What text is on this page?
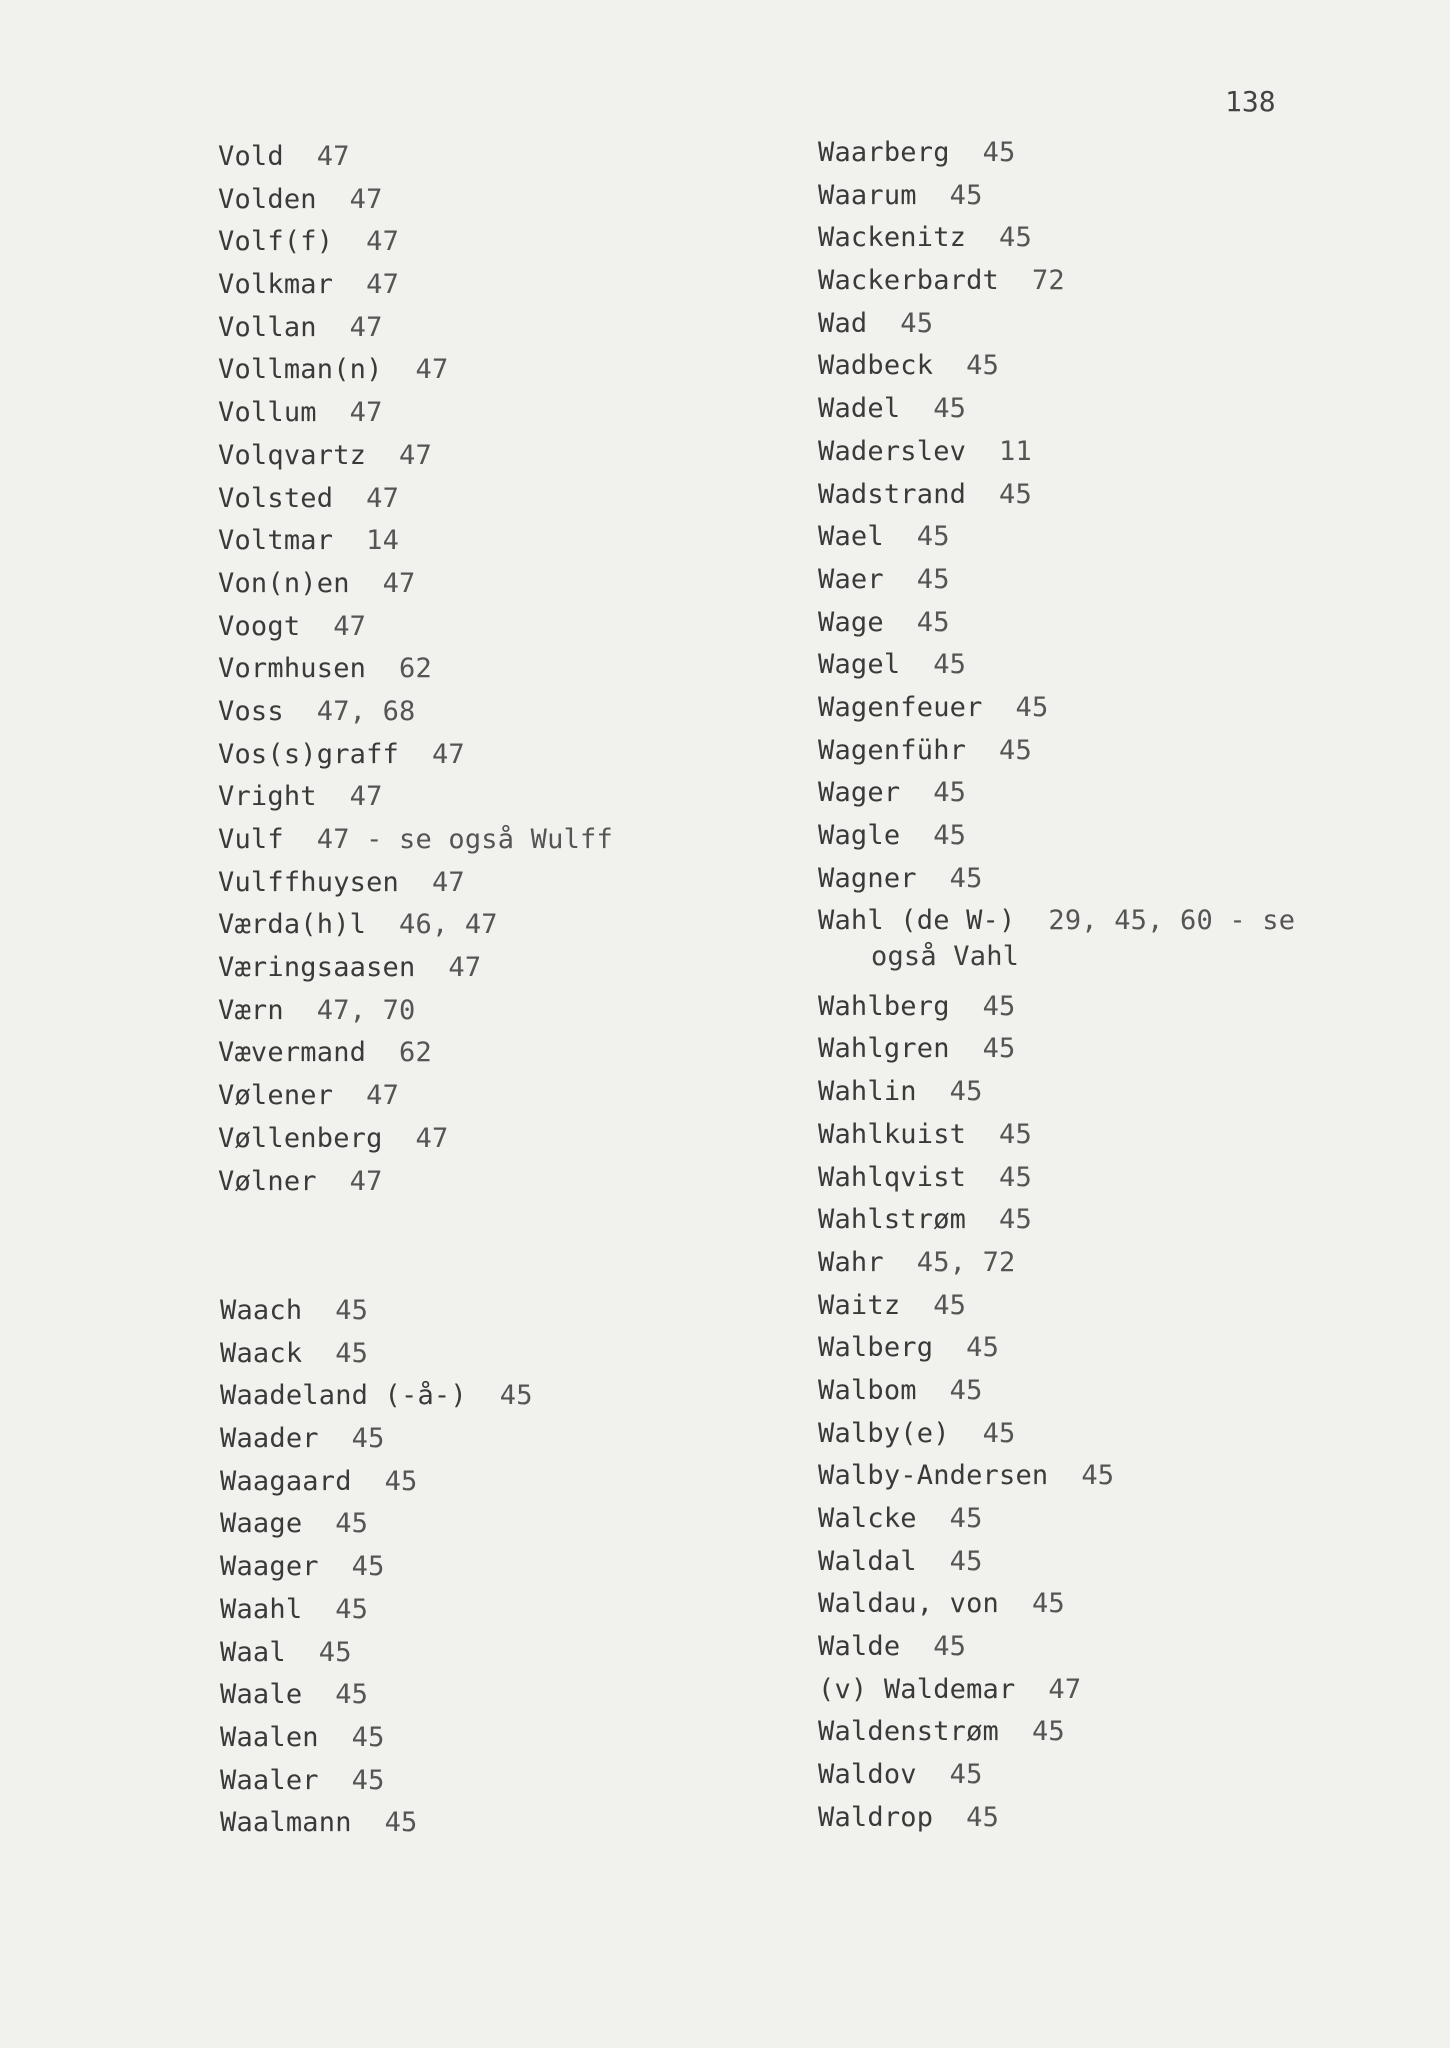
138
Vold 47
Volden 47
Volf(f) 47
Volkmar 47
Vollan 47
Vollman(n) 47
Vollum 47
Volqvartz 47
Volsted 47
Voltmar 14
Von(n)en 47
Voogt 47
Vormhusen 62
Voss 47, 68
Vos(s)graff 47
Vright 47
Vulf 47 - se også Wulff
Vulffhuysen 47
Værda(h)l 46, 47
Væringsaasen 47
Værn 47, 70
Vævermand 62
Vølener 47
Vøllenberg 47
Vølner 47
Waach 45
Waack 45
Waadeland (-å-) 45
Waader 45
Waagaard 45
Waage 45
Waager 45
Waahl 45
Waal 45
Waale 45
Waalen 45
Waaler 45
Waalmann 45
Waarberg 45
Waarum 45
Wackenitz 45
Wackerbardt 72
Wad 45
Wadbeck 45
Wadel 45
Waderslev 11
Wadstrand 45
Wael 45
Waer 45
Wage 45
Wagel 45
Wagenfeuer 45
Wagenführ 45
Wager 45
Wagle 45
Wagner 45
Wahl (de W-) 29, 45, 60 - se
også Vahl
Wahlberg 45
Wahlgren 45
Wahlin 45
Wahlkuist 45
Wahlqvist 45
Wahlstrøm 45
Wahr 45, 72
Waitz 45
Walberg 45
Walbom 45
Walby(e) 45
Walby-Andersen 45
Walcke 45
Waldal 45
Waldau, von 45
Walde 45
(v) Waldemar 47
Waldenstrøm 45
Waldov 45
Waldrop 45
